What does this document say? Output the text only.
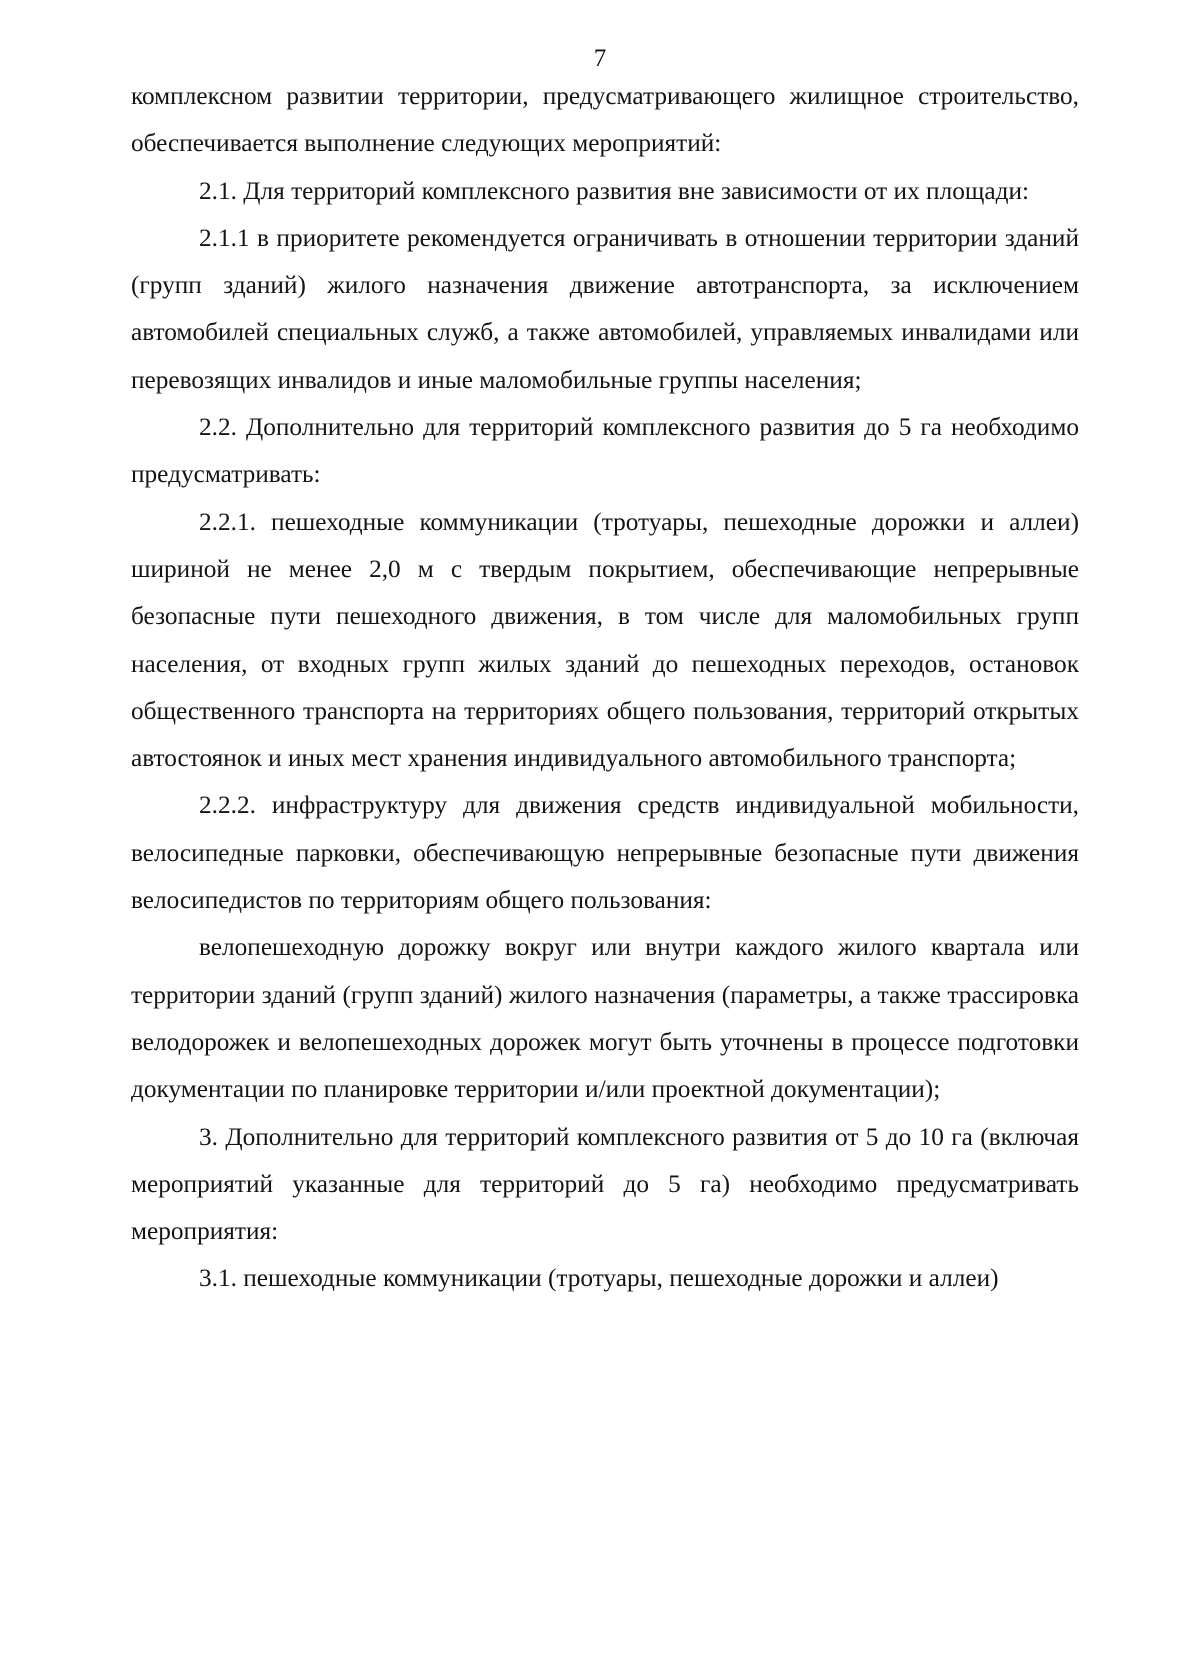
7

комплексном развитии территории, предусматривающего жилищное строительство, обеспечивается выполнение следующих мероприятий:

2.1. Для территорий комплексного развития вне зависимости от их площади:

2.1.1 в приоритете рекомендуется ограничивать в отношении территории зданий (групп зданий) жилого назначения движение автотранспорта, за исключением автомобилей специальных служб, а также автомобилей, управляемых инвалидами или перевозящих инвалидов и иные маломобильные группы населения;

2.2. Дополнительно для территорий комплексного развития до 5 га необходимо предусматривать:

2.2.1. пешеходные коммуникации (тротуары, пешеходные дорожки и аллеи) шириной не менее 2,0 м с твердым покрытием, обеспечивающие непрерывные безопасные пути пешеходного движения, в том числе для маломобильных групп населения, от входных групп жилых зданий до пешеходных переходов, остановок общественного транспорта на территориях общего пользования, территорий открытых автостоянок и иных мест хранения индивидуального автомобильного транспорта;

2.2.2. инфраструктуру для движения средств индивидуальной мобильности, велосипедные парковки, обеспечивающую непрерывные безопасные пути движения велосипедистов по территориям общего пользования:

велопешеходную дорожку вокруг или внутри каждого жилого квартала или территории зданий (групп зданий) жилого назначения (параметры, а также трассировка велодорожек и велопешеходных дорожек могут быть уточнены в процессе подготовки документации по планировке территории и/или проектной документации);

3. Дополнительно для территорий комплексного развития от 5 до 10 га (включая мероприятий указанные для территорий до 5 га) необходимо предусматривать мероприятия:

3.1. пешеходные коммуникации (тротуары, пешеходные дорожки и аллеи)
